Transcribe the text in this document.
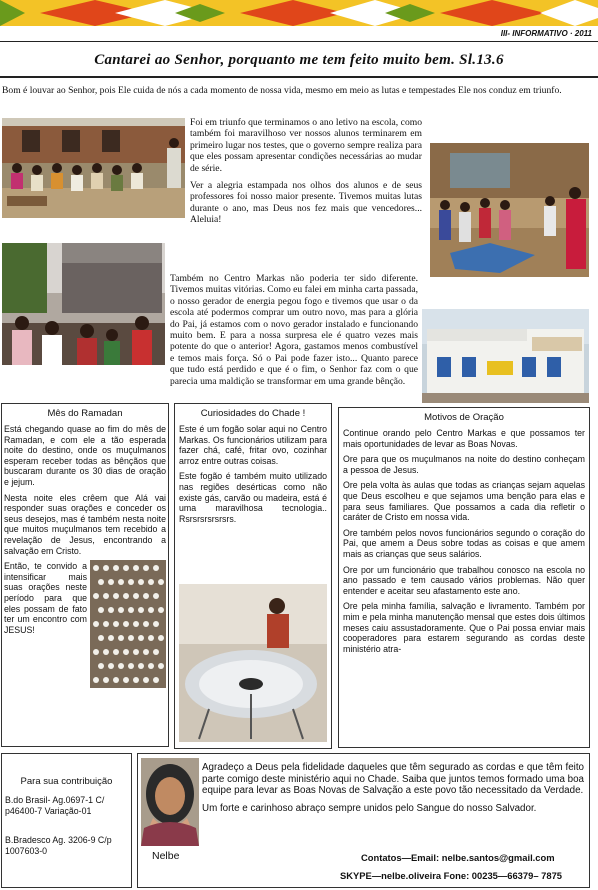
III- INFORMATIVO · 2011
Cantarei ao Senhor, porquanto me tem feito muito bem. Sl.13.6

Bom é louvar ao Senhor, pois Ele cuida de nós a cada momento de nossa vida, mesmo em meio as lutas e tempestades Ele nos conduz em triunfo.

Foi em triunfo que terminamos o ano letivo na escola, como também foi maravilhoso ver nossos alunos terminarem em primeiro lugar nos testes, que o governo sempre realiza para que eles possam apresentar condições necessárias ao mudar de série.

Ver a alegria estampada nos olhos dos alunos e de seus professores foi nosso maior presente. Tivemos muitas lutas durante o ano, mas Deus nos fez mais que vencedores... Aleluia!

Também no Centro Markas não poderia ter sido diferente. Tivemos muitas vitórias. Como eu falei em minha carta passada, o nosso gerador de energia pegou fogo e tivemos que usar o da escola até podermos comprar um outro novo, mas para a glória do Pai, já estamos com o novo gerador instalado e funcionando muito bem. E para a nossa surpresa ele é quatro vezes mais potente do que o anterior! Agora, gastamos menos combustível e temos mais força. Só o Pai pode fazer isto... Quanto parece que tudo está perdido e que é o fim, o Senhor faz com o que parecia uma maldição se transformar em uma grande bênção.

Mês do Ramadan

Está chegando quase ao fim do mês de Ramadan, e com ele a tão esperada noite do destino, onde os muçulmanos esperam receber todas as bênçãos que buscaram durante os 30 dias de oração e jejum.

Nesta noite eles crêem que Alá vai responder suas orações e conceder os seus desejos, mas é também nesta noite que muitos muçulmanos tem recebido a revelação de Jesus, encontrando a salvação em Cristo.

Então, te convido a intensificar mais suas orações neste período para que eles possam de fato ter um encontro com JESUS!

Curiosidades do Chade !

Este é um fogão solar aqui no Centro Markas. Os funcionários utilizam para fazer chá, café, fritar ovo, cozinhar arroz entre outras coisas.

Este fogão é também muito utilizado nas regiões desérticas como não existe gás, carvão ou madeira, está é uma maravilhosa tecnologia.. Rsrsrsrsrsrsrs.

Motivos de Oração

Continue orando pelo Centro Markas e que possamos ter mais oportunidades de levar as Boas Novas.

Ore para que os muçulmanos na noite do destino conheçam a pessoa de Jesus.

Ore pela volta às aulas que todas as crianças sejam aquelas que Deus escolheu e que sejamos uma benção para elas e para seus familiares. Que possamos a cada dia refletir o caráter de Cristo em nossa vida.

Ore também pelos novos funcionários segundo o coração do Pai, que amem a Deus sobre todas as coisas e que amem mais as crianças que seus salários.

Ore por um funcionário que trabalhou conosco na escola no ano passado e tem causado vários problemas. Não quer entender e aceitar seu afastamento este ano.

Ore pela minha família, salvação e livramento. Também por mim e pela minha manutenção mensal que estes dois últimos meses caiu assustadoramente. Que o Pai possa enviar mais cooperadores para estarem segurando as cordas deste ministério atra-

Para sua contribuição
B.do Brasil- Ag.0697-1 C/ p46400-7 Variação-01
B.Bradesco Ag. 3206-9 C/p 1007603-0	Nelbe

Agradeço a Deus pela fidelidade daqueles que têm segurado as cordas e que têm feito parte comigo deste ministério aqui no Chade. Saiba que juntos temos formado uma boa equipe para levar as Boas Novas de Salvação a este povo tão necessitado da Verdade.

Um forte e carinhoso abraço sempre unidos pelo Sangue do nosso Salvador.

Contatos—Email: nelbe.santos@gmail.com
SKYPE—nelbe.oliveira Fone: 00235—66379– 7875
